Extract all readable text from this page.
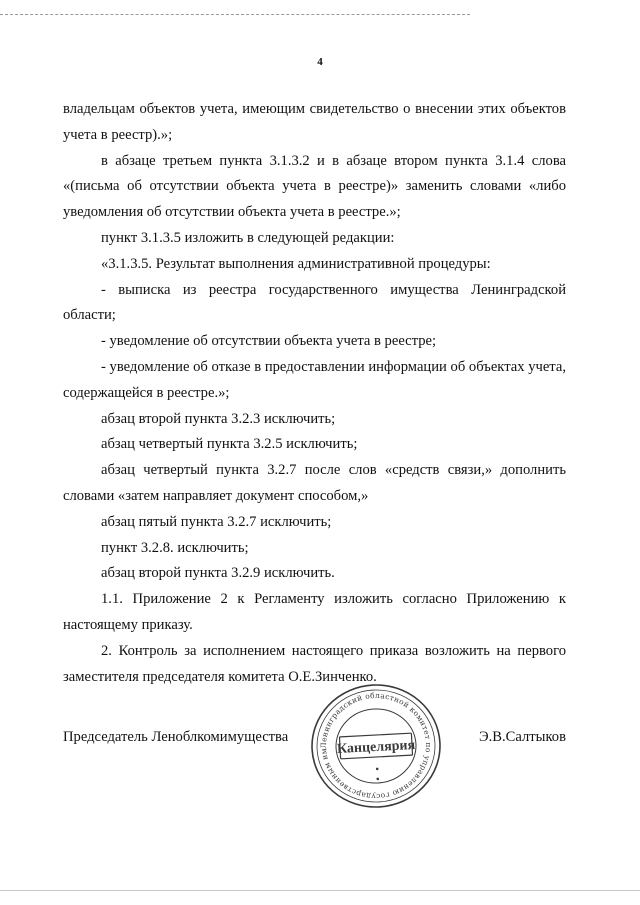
4

владельцам объектов учета, имеющим свидетельство о внесении этих объектов учета в реестр).»;

в абзаце третьем пункта 3.1.3.2 и в абзаце втором пункта 3.1.4 слова «(письма об отсутствии объекта учета в реестре)» заменить словами «либо уведомления об отсутствии объекта учета в реестре.»;

пункт 3.1.3.5 изложить в следующей редакции:

«3.1.3.5. Результат выполнения административной процедуры:

- выписка из реестра государственного имущества Ленинградской области;

- уведомление об отсутствии объекта учета в реестре;

- уведомление об отказе в предоставлении информации об объектах учета, содержащейся в реестре.»;

абзац второй пункта 3.2.3 исключить;

абзац четвертый пункта 3.2.5 исключить;

абзац четвертый пункта 3.2.7 после слов «средств связи,» дополнить словами «затем направляет документ способом,»

абзац пятый пункта 3.2.7 исключить;

пункт 3.2.8. исключить;

абзац второй пункта 3.2.9 исключить.

1.1. Приложение 2 к Регламенту изложить согласно Приложению к настоящему приказу.

2. Контроль за исполнением настоящего приказа возложить на первого заместителя председателя комитета О.Е.Зинченко.

Председатель Леноблкомимущества	Э.В.Салтыков
Ленинградский областной комитет по управлению государственным имуществом
Канцелярия
